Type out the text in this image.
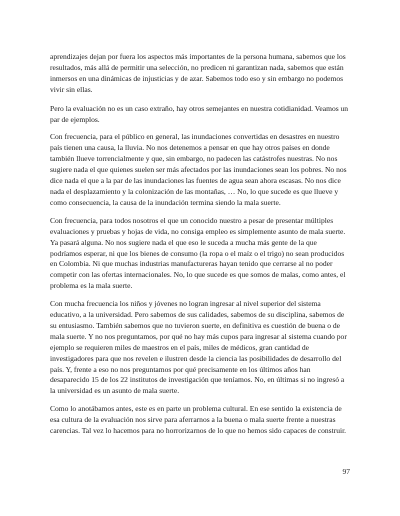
aprendizajes dejan por fuera los aspectos más importantes de la persona humana, sabemos que los resultados, más allá de permitir una selección, no predicen ni garantizan nada, sabemos que están inmersos en una dinámicas de injusticias y de azar. Sabemos todo eso y sin embargo no podemos vivir sin ellas.

Pero la evaluación no es un caso extraño, hay otros semejantes en nuestra cotidianidad. Veamos un par de ejemplos.

Con frecuencia, para el público en general, las inundaciones convertidas en desastres en nuestro país tienen una causa, la lluvia. No nos detenemos a pensar en que hay otros países en donde también llueve torrencialmente y que, sin embargo, no padecen las catástrofes nuestras. No nos sugiere nada el que quienes suelen ser más afectados por las inundaciones sean los pobres. No nos dice nada el que a la par de las inundaciones las fuentes de agua sean ahora escasas. No nos dice nada el desplazamiento y la colonización de las montañas, … No, lo que sucede es que llueve y como consecuencia, la causa de la inundación termina siendo la mala suerte.

Con frecuencia, para todos nosotros el que un conocido nuestro a pesar de presentar múltiples evaluaciones y pruebas y hojas de vida, no consiga empleo es simplemente asunto de mala suerte. Ya pasará alguna. No nos sugiere nada el que eso le suceda a mucha más gente de la que podríamos esperar, ni que los bienes de consumo (la ropa o el maíz o el trigo) no sean producidos en Colombia. Ni que muchas industrias manufactureras hayan tenido que cerrarse al no poder competir con las ofertas internacionales. No, lo que sucede es que somos de malas, como antes, el problema es la mala suerte.

Con mucha frecuencia los niños y jóvenes no logran ingresar al nivel superior del sistema educativo, a la universidad. Pero sabemos de sus calidades, sabemos de su disciplina, sabemos de su entusiasmo. También sabemos que no tuvieron suerte, en definitiva es cuestión de buena o de mala suerte. Y no nos preguntamos, por qué no hay más cupos para ingresar al sistema cuando por ejemplo se requieren miles de maestros en el país, miles de médicos, gran cantidad de investigadores para que nos revelen e ilustren desde la ciencia las posibilidades de desarrollo del país. Y, frente a eso no nos preguntamos por qué precisamente en los últimos años han desaparecido 15 de los 22 institutos de investigación que teníamos. No, en últimas si no ingresó a la universidad es un asunto de mala suerte.

Como lo anotábamos antes, este es en parte un problema cultural. En ese sentido la existencia de esa cultura de la evaluación nos sirve para aferrarnos a la buena o mala suerte frente a nuestras carencias. Tal vez lo hacemos para no horrorizarnos de lo que no hemos sido capaces de construir.

97
